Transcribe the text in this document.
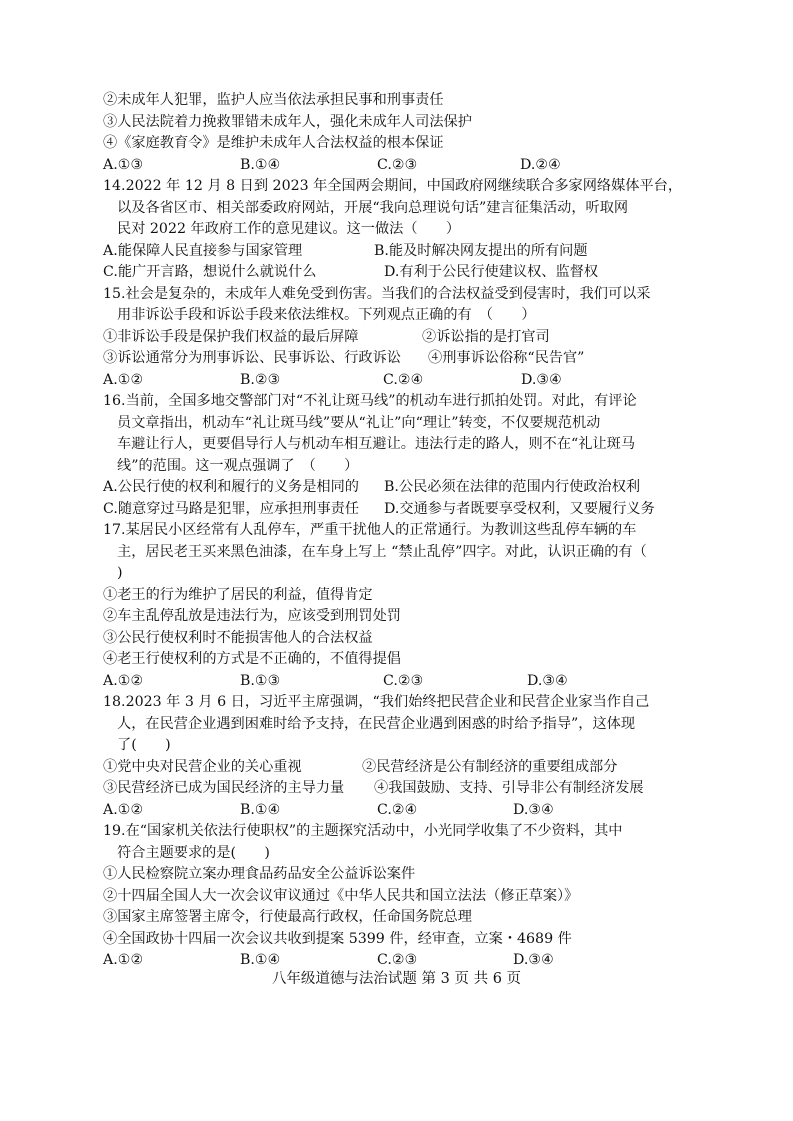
②未成年人犯罪，监护人应当依法承担民事和刑事责任
③人民法院着力挽救罪错未成年人，强化未成年人司法保护
④《家庭教育令》是维护未成年人合法权益的根本保证
A.①③	B.①④	C.②③	D.②④
14.2022 年 12 月 8 日到 2023 年全国两会期间，中国政府网继续联合多家网络媒体平台，
以及各省区市、相关部委政府网站，开展“我向总理说句话”建言征集活动，听取网
民对 2022 年政府工作的意见建议。这一做法（　　）
A.能保障人民直接参与国家管理	B.能及时解决网友提出的所有问题
C.能广开言路，想说什么就说什么	D.有利于公民行使建议权、监督权
15.社会是复杂的，未成年人难免受到伤害。当我们的合法权益受到侵害时，我们可以采
用非诉讼手段和诉讼手段来依法维权。下列观点正确的有　（　　）
①非诉讼手段是保护我们权益的最后屏障	②诉讼指的是打官司
③诉讼通常分为刑事诉讼、民事诉讼、行政诉讼	④刑事诉讼俗称“民告官”
A.①②	B.②③	C.②④	D.③④
16.当前，全国多地交警部门对“不礼让斑马线”的机动车进行抓拍处罚。对此，有评论
员文章指出，机动车“礼让斑马线”要从“礼让”向“理让”转变，不仅要规范机动
车避让行人，更要倡导行人与机动车相互避让。违法行走的路人，则不在“礼让斑马
线”的范围。这一观点强调了　（　　）
A.公民行使的权利和履行的义务是相同的	B.公民必须在法律的范围内行使政治权利
C.随意穿过马路是犯罪，应承担刑事责任	D.交通参与者既要享受权利，又要履行义务
17.某居民小区经常有人乱停车，严重干扰他人的正常通行。为教训这些乱停车辆的车
主，居民老王买来黑色油漆，在车身上写上 “禁止乱停”四字。对此，认识正确的有（
)
①老王的行为维护了居民的利益，值得肯定
②车主乱停乱放是违法行为，应该受到刑罚处罚
③公民行使权利时不能损害他人的合法权益
④老王行使权利的方式是不正确的，不值得提倡
A.①②	B.①③	C.②③	D.③④
18.2023 年 3 月 6 日，习近平主席强调，“我们始终把民营企业和民营企业家当作自己
人，在民营企业遇到困难时给予支持，在民营企业遇到困惑的时给予指导”，这体现
了(　　)
①党中央对民营企业的关心重视	②民营经济是公有制经济的重要组成部分
③民营经济已成为国民经济的主导力量	④我国鼓励、支持、引导非公有制经济发展
A.①②	B.①④	C.②④	D.③④
19.在“国家机关依法行使职权”的主题探究活动中，小光同学收集了不少资料，其中
符合主题要求的是(　　)
①人民检察院立案办理食品药品安全公益诉讼案件
②十四届全国人大一次会议审议通过《中华人民共和国立法法（修正草案）》
③国家主席签署主席令，行使最高行政权，任命国务院总理
④全国政协十四届一次会议共收到提案 5399 件，经审查，立案・4689 件
A.①②	B.①④	C.②③	D.③④
八年级道德与法治试题 第 3 页 共 6 页
